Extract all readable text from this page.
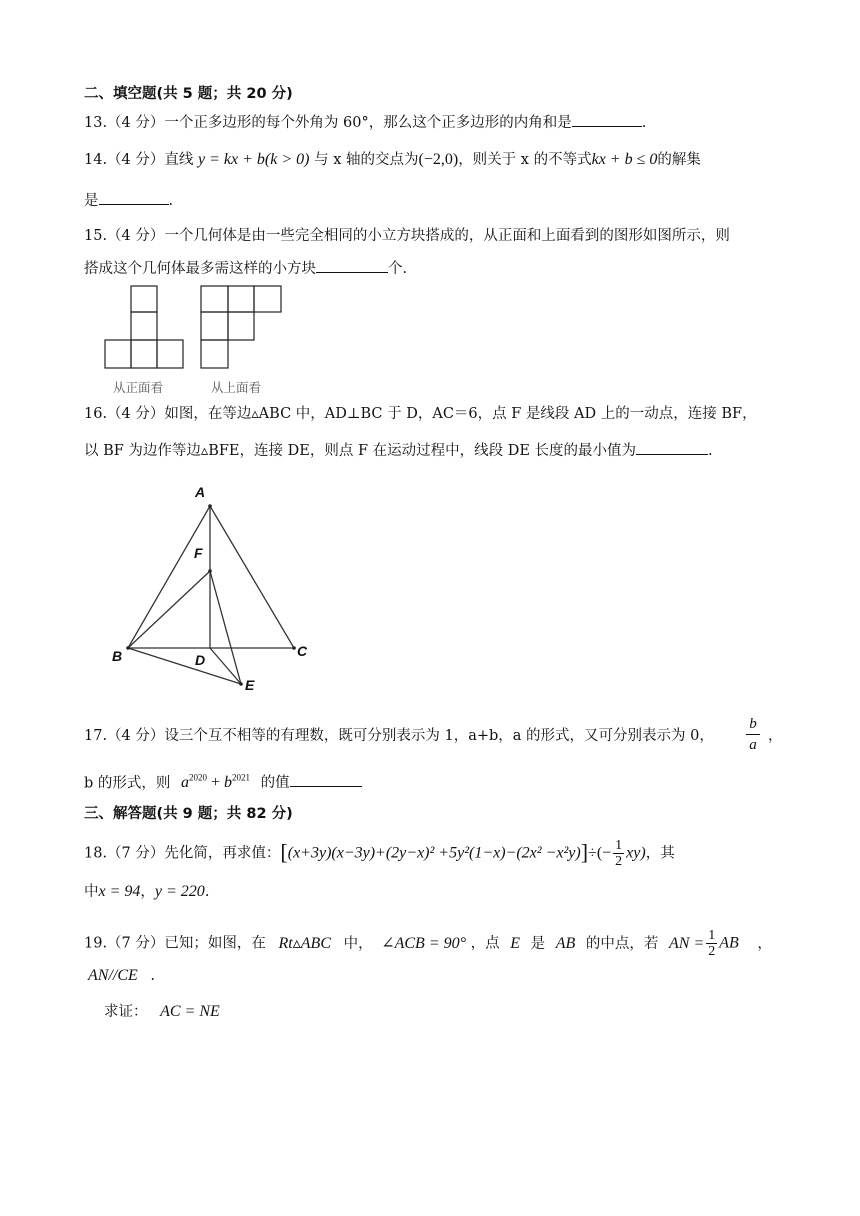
二、填空题(共 5 题；共 20 分)
13.（4 分）一个正多边形的每个外角为 60°，那么这个正多边形的内角和是	.
14.（4 分）直线 y = kx + b(k > 0) 与 x 轴的交点为(−2,0)，则关于 x 的不等式kx + b ≤ 0的解集
是	.
15.（4 分）一个几何体是由一些完全相同的小立方块搭成的，从正面和上面看到的图形如图所示，则
搭成这个几何体最多需这样的小方块	个.
从正面看	从上面看
16.（4 分）如图，在等边▵ABC 中，AD⊥BC 于 D，AC＝6，点 F 是线段 AD 上的一动点，连接 BF，
以 BF 为边作等边▵BFE，连接 DE，则点 F 在运动过程中，线段 DE 长度的最小值为	.
A
F
B	D
C
E
17.（4 分）设三个互不相等的有理数，既可分别表示为 1，a+b，a 的形式，又可分别表示为 0，
b
a
，
b 的形式，则 $a^{2020} + b^{2021}$ 的值
三、解答题(共 9 题；共 82 分)
18.（7 分）先化简，再求值：$[(x+3y)(x-3y)+(2y-x)^2 +5y^2(1-x)-(2x^2 -x^2y)]\div(- \frac{1}{2} xy)$，其
中x = 94，y = 220.
19.（7 分）已知；如图，在 Rt▵ABC 中， ∠ACB = 90° ，点 E 是 AB 的中点，若 AN = $\frac{1}{2}$ AB ，
AN//CE .
求证： AC = NE
